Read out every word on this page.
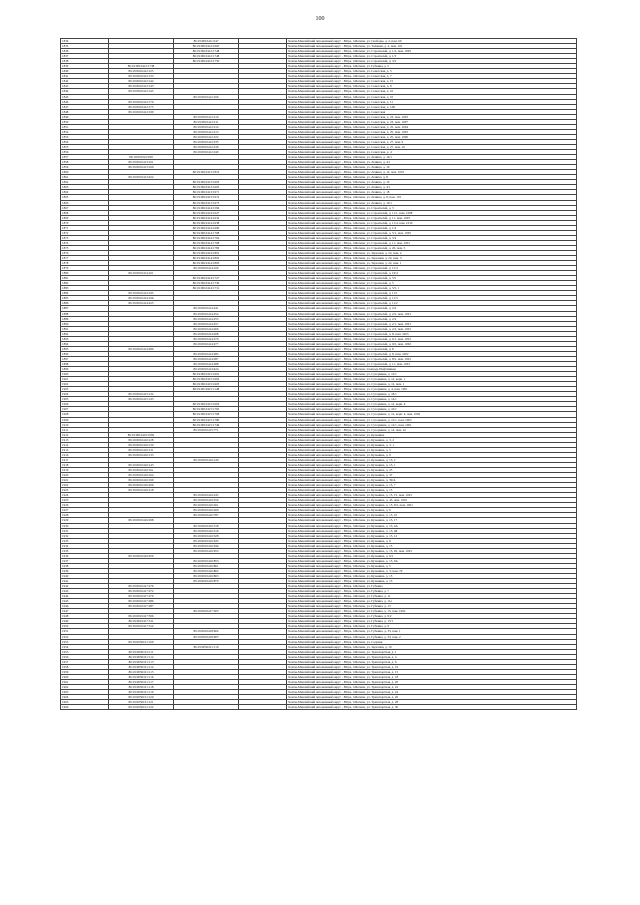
100
1834		86:19:0010411:547		Ханты-Мансийский автономный округ - Югра, г.Мегион, ул. Свободы, д. 2, пом. 60
1835		86:19:0010412:1665		Ханты-Мансийский автономный округ - Югра, г.Мегион, ул. Таёжная, д. 4, пом. 101
1836		86:19:0010412:1748		Ханты-Мансийский автономный округ - Югра, г.Мегион, ул. Строителей, д. 1/2, пом. 1005
1837		86:19:0010412:1748		Ханты-Мансийский автономный округ - Югра, г.Мегион, ул. Строителей, д. 1/3
1838		86:19:0010412:1750		Ханты-Мансийский автономный округ - Югра, г.Мегион, ул. Строителей, д. 3/2
1839	86:19:0010412:1738			Ханты-Мансийский автономный округ - Югра, г.Мегион, ул. Губкина, д. 5
1840	86:19:0010412:125			Ханты-Мансийский автономный округ - Югра, г.Мегион, ул. Советская, д. 5
1841	86:19:0010412:133			Ханты-Мансийский автономный округ - Югра, г.Мегион, ул. Советская, д. 7
1842	86:19:0010412:142			Ханты-Мансийский автономный округ - Югра, г.Мегион, ул. Советская, д. 15
1843	86:19:0010412:143			Ханты-Мансийский автономный округ - Югра, г.Мегион, ул. Советская, д. 9
1844	86:19:0010412:145			Ханты-Мансийский автономный округ - Югра, г.Мегион, ул. Советская, д. 10
1845		86:19:0010412:166		Ханты-Мансийский автономный округ - Югра, г.Мегион, ул. Советская, д. 10
1846	86:19:0010412:170			Ханты-Мансийский автономный округ - Югра, г.Мегион, ул. Советская, д. 11
1847	86:19:0010412:175			Ханты-Мансийский автономный округ - Югра, г.Мегион, ул. Советская, д. 12Б
1848	86:19:0010412:190			Ханты-Мансийский автономный округ - Югра, г.Мегион, ул. Советская
1849		86:19:0010412:210		Ханты-Мансийский автономный округ - Югра, г.Мегион, ул. Советская, д. 23, пом. 1005
1850		86:19:0010412:211		Ханты-Мансийский автономный округ - Югра, г.Мегион, ул. Советская, д. 23, пом. 1007
1851		86:19:0010412:214		Ханты-Мансийский автономный округ - Югра, г.Мегион, ул. Советская, д. 25, пом. 1004
1852		86:19:0010412:215		Ханты-Мансийский автономный округ - Югра, г.Мегион, ул. Советская, д. 25, пом. 1005
1853		86:19:0010412:222		Ханты-Мансийский автономный округ - Югра, г.Мегион, ул. Советская, д. 25, пом. 1006
1854		86:19:0010412:235		Ханты-Мансийский автономный округ - Югра, г.Мегион, ул. Советская, д. 27, пом. 9
1855		86:19:0010412:236		Ханты-Мансийский автономный округ - Югра, г.Мегион, ул. Советская, д. 27, пом. 10
1856		86:19:0010412:240		Ханты-Мансийский автономный округ - Югра, г.Мегион, ул. Советская, д. 4
1857	86:19:0010413:99			Ханты-Мансийский автономный округ - Югра, г.Мегион, ул. Ленина, д. 16/1
1858	86:19:0010413:101			Ханты-Мансийский автономный округ - Югра, г.Мегион, ул. Ленина, д. 4/1
1859	86:19:0010413:160			Ханты-Мансийский автономный округ - Югра, г.Мегион, ул. Ленина, д. 16
1860		86:19:0010413:1810		Ханты-Мансийский автономный округ - Югра, г.Мегион, ул. Ленина, д. 12, пом. 1001
1861	86:19:0010413:424			Ханты-Мансийский автономный округ - Югра, г.Мегион, ул. Ленина, д. 8
1862		86:19:0010413:1603		Ханты-Мансийский автономный округ - Югра, г.Мегион, ул. Ленина, д. 10
1863		86:19:0010413:1605		Ханты-Мансийский автономный округ - Югра, г.Мегион, ул. Ленина, д. 4/1
1864		86:19:0010413:1971		Ханты-Мансийский автономный округ - Югра, г.Мегион, ул. Ленина, д. 18
1865		86:19:0010413:1972		Ханты-Мансийский автономный округ - Югра, г.Мегион, ул. Ленина, д. 8, пом. 101
1866		86:19:0010413:1973		Ханты-Мансийский автономный округ - Югра, г.Мегион, ул. Ленина, д. 16/1
1867		86:19:0010414:1596		Ханты-Мансийский автономный округ - Югра, г.Мегион, ул. Строителей, д. 3
1868		86:19:0010414:1627		Ханты-Мансийский автономный округ - Югра, г.Мегион, ул. Строителей, д. 11/1, пом. 1008
1869		86:19:0010414:1632		Ханты-Мансийский автономный округ - Югра, г.Мегион, ул. Строителей, д. 11, пом. 1003
1870		86:19:0010414:1638		Ханты-Мансийский автономный округ - Югра, г.Мегион, ул. Строителей, д. 11/4, пом. 1010
1871		86:19:0010414:1690		Ханты-Мансийский автономный округ - Югра, г.Мегион, ул. Строителей, д. 1/4
1872		86:19:0010414:1708		Ханты-Мансийский автономный округ - Югра, г.Мегион, ул. Строителей, д. 5/1, пом. 1005
1873		86:19:0010414:1764		Ханты-Мансийский автономный округ - Югра, г.Мегион, ул. Строителей, д. 3/4
1874		86:19:0010414:1768		Ханты-Мансийский автономный округ - Югра, г.Мегион, ул. Строителей, д. 11, пом. 1001
1875		86:19:0010414:1780		Ханты-Мансийский автономный округ - Югра, г.Мегион, ул. Строителей, д. 20, пом. 5
1876		86:19:0010414:1801		Ханты-Мансийский автономный округ - Югра, г.Мегион, ул. Заречная, д. 22, пом. 4
1877		86:19:0010414:1802		Ханты-Мансийский автономный округ - Югра, г.Мегион, ул. Заречная, д. 22, пом. 3
1878		86:19:0010414:1803		Ханты-Мансийский автономный округ - Югра, г.Мегион, ул. Заречная, д. 22, пом. 1
1879		86:19:0010414:160		Ханты-Мансийский автономный округ - Югра, г.Мегион, ул. Строителей, д. 11/4
1880	86:19:0010414:161			Ханты-Мансийский автономный округ - Югра, г.Мегион, ул. Строителей, д. 19/4
1881		86:19:0010414:1727		Ханты-Мансийский автономный округ - Югра, г.Мегион, ул. Строителей, д. 5/5
1882		86:19:0010414:1730		Ханты-Мансийский автономный округ - Югра, г.Мегион, ул. Строителей, д. 5
1883		86:19:0010414:1731		Ханты-Мансийский автономный округ - Югра, г.Мегион, ул. Строителей, д. 5/5, 1
1884	86:19:0010414:195			Ханты-Мансийский автономный округ - Югра, г.Мегион, ул. Строителей, д. 11/1
1885	86:19:0010414:196			Ханты-Мансийский автономный округ - Югра, г.Мегион, ул. Строителей, д. 11/3
1886	86:19:0010414:225			Ханты-Мансийский автономный округ - Югра, г.Мегион, ул. Строителей, д. 11/2
1887		86:19:0010414:241		Ханты-Мансийский автономный округ - Югра, г.Мегион, ул. Строителей, д. 2/4
1888		86:19:0010414:252		Ханты-Мансийский автономный округ - Югра, г.Мегион, ул. Строителей, д. 2/2, пом. 1001
1889		86:19:0010414:253		Ханты-Мансийский автономный округ - Югра, г.Мегион, ул. Строителей, д. 2/4
1890		86:19:0010414:257		Ханты-Мансийский автономный округ - Югра, г.Мегион, ул. Строителей, д. 2/1, пом. 1001
1891		86:19:0010414:266		Ханты-Мансийский автономный округ - Югра, г.Мегион, ул. Строителей, д. 2/2, пом. 1001
1892		86:19:0010414:268		Ханты-Мансийский автономный округ - Югра, г.Мегион, ул. Строителей, д. 8, пом. 1003
1893		86:19:0010414:270		Ханты-Мансийский автономный округ - Югра, г.Мегион, ул. Строителей, д. 9/1, пом. 1001
1894		86:19:0010414:277		Ханты-Мансийский автономный округ - Югра, г.Мегион, ул. Строителей, д. 9/2, пом. 1002
1895	86:19:0010414:280			Ханты-Мансийский автономный округ - Югра, г.Мегион, ул. Строителей, д. 8
1896		86:19:0010414:285		Ханты-Мансийский автономный округ - Югра, г.Мегион, ул. Строителей, д. 8, пом. 1002
1897		86:19:0010414:287		Ханты-Мансийский автономный округ - Югра, г.Мегион, ул. Строителей, д. 8/2, пом. 1001
1898		86:19:0010414:288		Ханты-Мансийский автономный округ - Югра, г.Мегион, ул. Строителей, д. 11, пом. 1001
1899		86:19:0010414:424		Ханты-Мансийский автономный округ - Югра, г.Мегион, площадь Нефтяников
1900		86:19:0010415:1601		Ханты-Мансийский автономный округ - Югра, г.Мегион, ул. Сутормина, д. 12/1
1901		86:19:0010415:1602		Ханты-Мансийский автономный округ - Югра, г.Мегион, ул. Сутормина, д. 12, корп. 1
1902		86:19:0010415:1603		Ханты-Мансийский автономный округ - Югра, г.Мегион, ул. Сутормина, д. 12, пом. 1
1903		86:19:0010415:1148		Ханты-Мансийский автономный округ - Югра, г.Мегион, ул. Сутормина, д. 4, пом. 1001
1904	86:19:0010415:132			Ханты-Мансийский автономный округ - Югра, г.Мегион, ул. Сутормина, д. 18/1
1905	86:19:0010415:143			Ханты-Мансийский автономный округ - Югра, г.Мегион, ул. Сутормина, д. 14/1
1906		86:19:0010415:1663		Ханты-Мансийский автономный округ - Югра, г.Мегион, ул. Сутормина, д. 12, корп. 4
1907		86:19:0010415:1765		Ханты-Мансийский автономный округ - Югра, г.Мегион, ул. Сутормина, д. 10/1
1908		86:19:0010415:1768		Ханты-Мансийский автономный округ - Югра, г.Мегион, ул. Сутормина, д. 12, корп. 4, пом. 1002
1909		86:19:0010415:1780		Ханты-Мансийский автономный округ - Югра, г.Мегион, ул. Сутормина, д. 12/1, пом. 1002
1910		86:19:0010415:1749		Ханты-Мансийский автономный округ - Югра, г.Мегион, ул. Сутормина, д. 12/1, пом. 1001
1911		86:19:0010415:771		Ханты-Мансийский автономный округ - Югра, г.Мегион, ул. Сутормина, д. 14, пом. 22
1912	86:19:0010416:1082			Ханты-Мансийский автономный округ - Югра, г.Мегион, ул. Кузьмина
1913	86:19:0010416:128			Ханты-Мансийский автономный округ - Югра, г.Мегион, ул. Кузьмина, д. 3, 2
1914	86:19:0010416:130			Ханты-Мансийский автономный округ - Югра, г.Мегион, ул. Кузьмина, д. 3, 1
1915	86:19:0010416:131			Ханты-Мансийский автономный округ - Югра, г.Мегион, ул. Кузьмина, д. 5
1916	86:19:0010416:133			Ханты-Мансийский автономный округ - Югра, г.Мегион, ул. Кузьмина, д. 9
1917		86:19:0010416:140		Ханты-Мансийский автономный округ - Югра, г.Мегион, ул. Кузьмина, д. 15, 2
1918	86:19:0010416:143			Ханты-Мансийский автономный округ - Югра, г.Мегион, ул. Кузьмина, д. 15, 1
1919	86:19:0010416:161			Ханты-Мансийский автономный округ - Югра, г.Мегион, ул. Кузьмина, д. 25
1920	86:19:0010416:164			Ханты-Мансийский автономный округ - Югра, г.Мегион, ул. Кузьмина, д. 37
1921	86:19:0010416:199			Ханты-Мансийский автономный округ - Югра, г.Мегион, ул. Кузьмина, д. 39/А
1922	86:19:0010416:206			Ханты-Мансийский автономный округ - Югра, г.Мегион, ул. Кузьмина, д. 15, 7
1923	86:19:0010416:218			Ханты-Мансийский автономный округ - Югра, г.Мегион, ул. Кузьмина, д. 15
1924		86:19:0010416:245		Ханты-Мансийский автономный округ - Югра, г.Мегион, ул. Кузьмина, д. 15, 15, пом. 1001
1925		86:19:0010416:256		Ханты-Мансийский автономный округ - Югра, г.Мегион, ул. Кузьмина, д. 45, пом. 1001
1926		86:19:0010416:261		Ханты-Мансийский автономный округ - Югра, г.Мегион, ул. Кузьмина, д. 15, 9/2, пом. 1001
1927		86:19:0010416:269		Ханты-Мансийский автономный округ - Югра, г.Мегион, ул. Кузьмина, д. 9
1928		86:19:0010416:787		Ханты-Мансийский автономный округ - Югра, г.Мегион, ул. Кузьмина, д. 15, 10
1929	86:19:0010416:298			Ханты-Мансийский автономный округ - Югра, г.Мегион, ул. Кузьмина, д. 15, 17
1930		86:19:0010416:318		Ханты-Мансийский автономный округ - Югра, г.Мегион, ул. Кузьмина, д. 15, 4А
1931		86:19:0010416:319		Ханты-Мансийский автономный округ - Югра, г.Мегион, ул. Кузьмина, д. 15, 4Б
1932		86:19:0010416:328		Ханты-Мансийский автономный округ - Югра, г.Мегион, ул. Кузьмина, д. 15, 12
1933		86:19:0010416:645		Ханты-Мансийский автономный округ - Югра, г.Мегион, ул. Кузьмина, д. 9
1934		86:19:0010416:646		Ханты-Мансийский автономный округ - Югра, г.Мегион, ул. Кузьмина, д. 15
1935		86:19:0010416:653		Ханты-Мансийский автономный округ - Югра, г.Мегион, ул. Кузьмина, д. 15, 26, пом. 1001
1936	86:19:0010416:656			Ханты-Мансийский автономный округ - Югра, г.Мегион, ул. Кузьмина, д. 9/1
1937		86:19:0010416:853		Ханты-Мансийский автономный округ - Югра, г.Мегион, ул. Кузьмина, д. 15, 9А
1938		86:19:0010416:861		Ханты-Мансийский автономный округ - Югра, г.Мегион, ул. Кузьмина, д. 5
1939		86:19:0010416:862		Ханты-Мансийский автономный округ - Югра, г.Мегион, ул. Кузьмина, д. 3, пом. 79
1940		86:19:0010416:863		Ханты-Мансийский автономный округ - Югра, г.Мегион, ул. Кузьмина, д. 15
1941		86:19:0010416:870		Ханты-Мансийский автономный округ - Югра, г.Мегион, ул. Кузьмина, д. 15
1942	86:19:0010417:276			Ханты-Мансийский автономный округ - Югра, г.Мегион, ул. Губкина
1943	86:19:0010417:272			Ханты-Мансийский автономный округ - Югра, г.Мегион, ул. Губкина, д. 7
1944	86:19:0010417:276			Ханты-Мансийский автономный округ - Югра, г.Мегион, ул. Губкина, д. 11
1945	86:19:0010417:286			Ханты-Мансийский автономный округ - Югра, г.Мегион, ул. Губкина, д. 11а
1946	86:19:0010417:287			Ханты-Мансийский автономный округ - Югра, г.Мегион, ул. Губкина, д. 13
1947		86:19:0010417:303		Ханты-Мансийский автономный округ - Югра, г.Мегион, ул. Губкина, д. 15, пом. 1002
1948	86:19:0010417:306			Ханты-Мансийский автономный округ - Югра, г.Мегион, ул. Губкина, д. 9/2
1949	86:19:0010417:311			Ханты-Мансийский автономный округ - Югра, г.Мегион, ул. Губкина, д. 15/1
1950	86:19:0010417:312			Ханты-Мансийский автономный округ - Югра, г.Мегион, ул. Губкина, д. 9
1951		86:19:0010418:902		Ханты-Мансийский автономный округ - Югра, г.Мегион, ул. Губкина, д. 33, пом. 1
1952		86:19:0010418:905		Ханты-Мансийский автономный округ - Югра, г.Мегион, ул. Губкина, д. 33, пом. 2
1953	86:19:0050101:109			Ханты-Мансийский автономный округ - Югра, г.Мегион, ул. Садовая
1954		86:19:0050101:110		Ханты-Мансийский автономный округ - Югра, г.Мегион, ул. Заречная, д. 10
1955	86:19:0050101:111			Ханты-Мансийский автономный округ - Югра, г.Мегион, ул. Транспортная, д. 1
1956	86:19:0050101:112			Ханты-Мансийский автономный округ - Югра, г.Мегион, ул. Транспортная, д. 4
1957	86:19:0050101:113			Ханты-Мансийский автономный округ - Югра, г.Мегион, ул. Транспортная, д. 6
1958	86:19:0050101:114			Ханты-Мансийский автономный округ - Югра, г.Мегион, ул. Транспортная, д. 16
1959	86:19:0050101:115			Ханты-Мансийский автономный округ - Югра, г.Мегион, ул. Транспортная, д. 15
1960	86:19:0050101:116			Ханты-Мансийский автономный округ - Югра, г.Мегион, ул. Транспортная, д. 18
1961	86:19:0050101:117			Ханты-Мансийский автономный округ - Югра, г.Мегион, ул. Транспортная, д. 20
1962	86:19:0050101:118			Ханты-Мансийский автономный округ - Югра, г.Мегион, ул. Транспортная, д. 22
1963	86:19:0050101:119			Ханты-Мансийский автономный округ - Югра, г.Мегион, ул. Транспортная, д. 24
1964	86:19:0050101:120			Ханты-Мансийский автономный округ - Югра, г.Мегион, ул. Транспортная, д. 26
1965	86:19:0050101:121			Ханты-Мансийский автономный округ - Югра, г.Мегион, ул. Транспортная, д. 28
1966	86:19:0050101:122			Ханты-Мансийский автономный округ - Югра, г.Мегион, ул. Транспортная, д. 30
